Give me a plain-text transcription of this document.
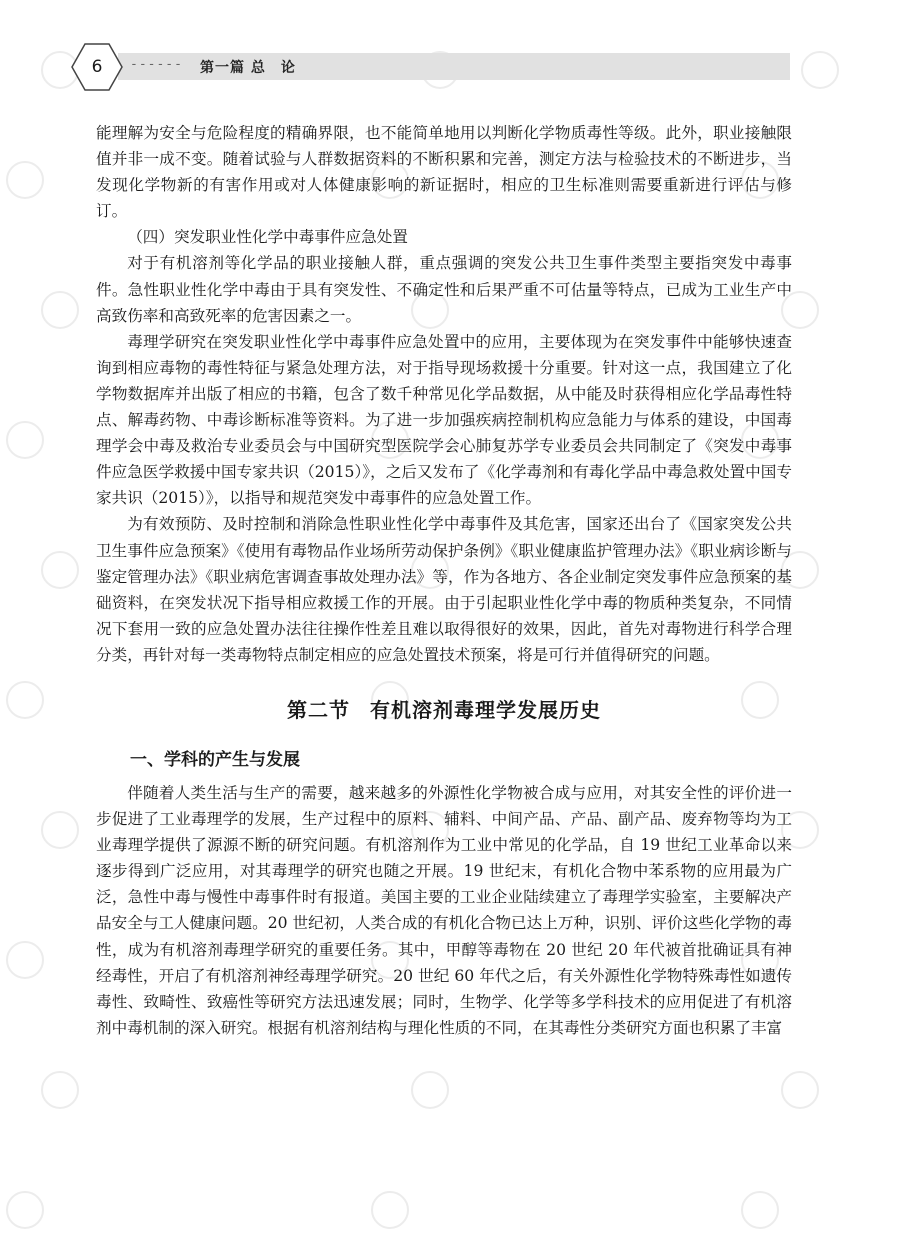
6	------ 第一篇 总　论

能理解为安全与危险程度的精确界限，也不能简单地用以判断化学物质毒性等级。此外，职业接触限值并非一成不变。随着试验与人群数据资料的不断积累和完善，测定方法与检验技术的不断进步，当发现化学物新的有害作用或对人体健康影响的新证据时，相应的卫生标准则需要重新进行评估与修订。

（四）突发职业性化学中毒事件应急处置

对于有机溶剂等化学品的职业接触人群，重点强调的突发公共卫生事件类型主要指突发中毒事件。急性职业性化学中毒由于具有突发性、不确定性和后果严重不可估量等特点，已成为工业生产中高致伤率和高致死率的危害因素之一。

毒理学研究在突发职业性化学中毒事件应急处置中的应用，主要体现为在突发事件中能够快速查询到相应毒物的毒性特征与紧急处理方法，对于指导现场救援十分重要。针对这一点，我国建立了化学物数据库并出版了相应的书籍，包含了数千种常见化学品数据，从中能及时获得相应化学品毒性特点、解毒药物、中毒诊断标准等资料。为了进一步加强疾病控制机构应急能力与体系的建设，中国毒理学会中毒及救治专业委员会与中国研究型医院学会心肺复苏学专业委员会共同制定了《突发中毒事件应急医学救援中国专家共识（2015）》，之后又发布了《化学毒剂和有毒化学品中毒急救处置中国专家共识（2015）》，以指导和规范突发中毒事件的应急处置工作。

为有效预防、及时控制和消除急性职业性化学中毒事件及其危害，国家还出台了《国家突发公共卫生事件应急预案》《使用有毒物品作业场所劳动保护条例》《职业健康监护管理办法》《职业病诊断与鉴定管理办法》《职业病危害调查事故处理办法》等，作为各地方、各企业制定突发事件应急预案的基础资料，在突发状况下指导相应救援工作的开展。由于引起职业性化学中毒的物质种类复杂，不同情况下套用一致的应急处置办法往往操作性差且难以取得很好的效果，因此，首先对毒物进行科学合理分类，再针对每一类毒物特点制定相应的应急处置技术预案，将是可行并值得研究的问题。

第二节 有机溶剂毒理学发展历史

一、学科的产生与发展

伴随着人类生活与生产的需要，越来越多的外源性化学物被合成与应用，对其安全性的评价进一步促进了工业毒理学的发展，生产过程中的原料、辅料、中间产品、产品、副产品、废弃物等均为工业毒理学提供了源源不断的研究问题。有机溶剂作为工业中常见的化学品，自 19 世纪工业革命以来逐步得到广泛应用，对其毒理学的研究也随之开展。19 世纪末，有机化合物中苯系物的应用最为广泛，急性中毒与慢性中毒事件时有报道。美国主要的工业企业陆续建立了毒理学实验室，主要解决产品安全与工人健康问题。20 世纪初，人类合成的有机化合物已达上万种，识别、评价这些化学物的毒性，成为有机溶剂毒理学研究的重要任务。其中，甲醇等毒物在 20 世纪 20 年代被首批确证具有神经毒性，开启了有机溶剂神经毒理学研究。20 世纪 60 年代之后，有关外源性化学物特殊毒性如遗传毒性、致畸性、致癌性等研究方法迅速发展；同时，生物学、化学等多学科技术的应用促进了有机溶剂中毒机制的深入研究。根据有机溶剂结构与理化性质的不同，在其毒性分类研究方面也积累了丰富
